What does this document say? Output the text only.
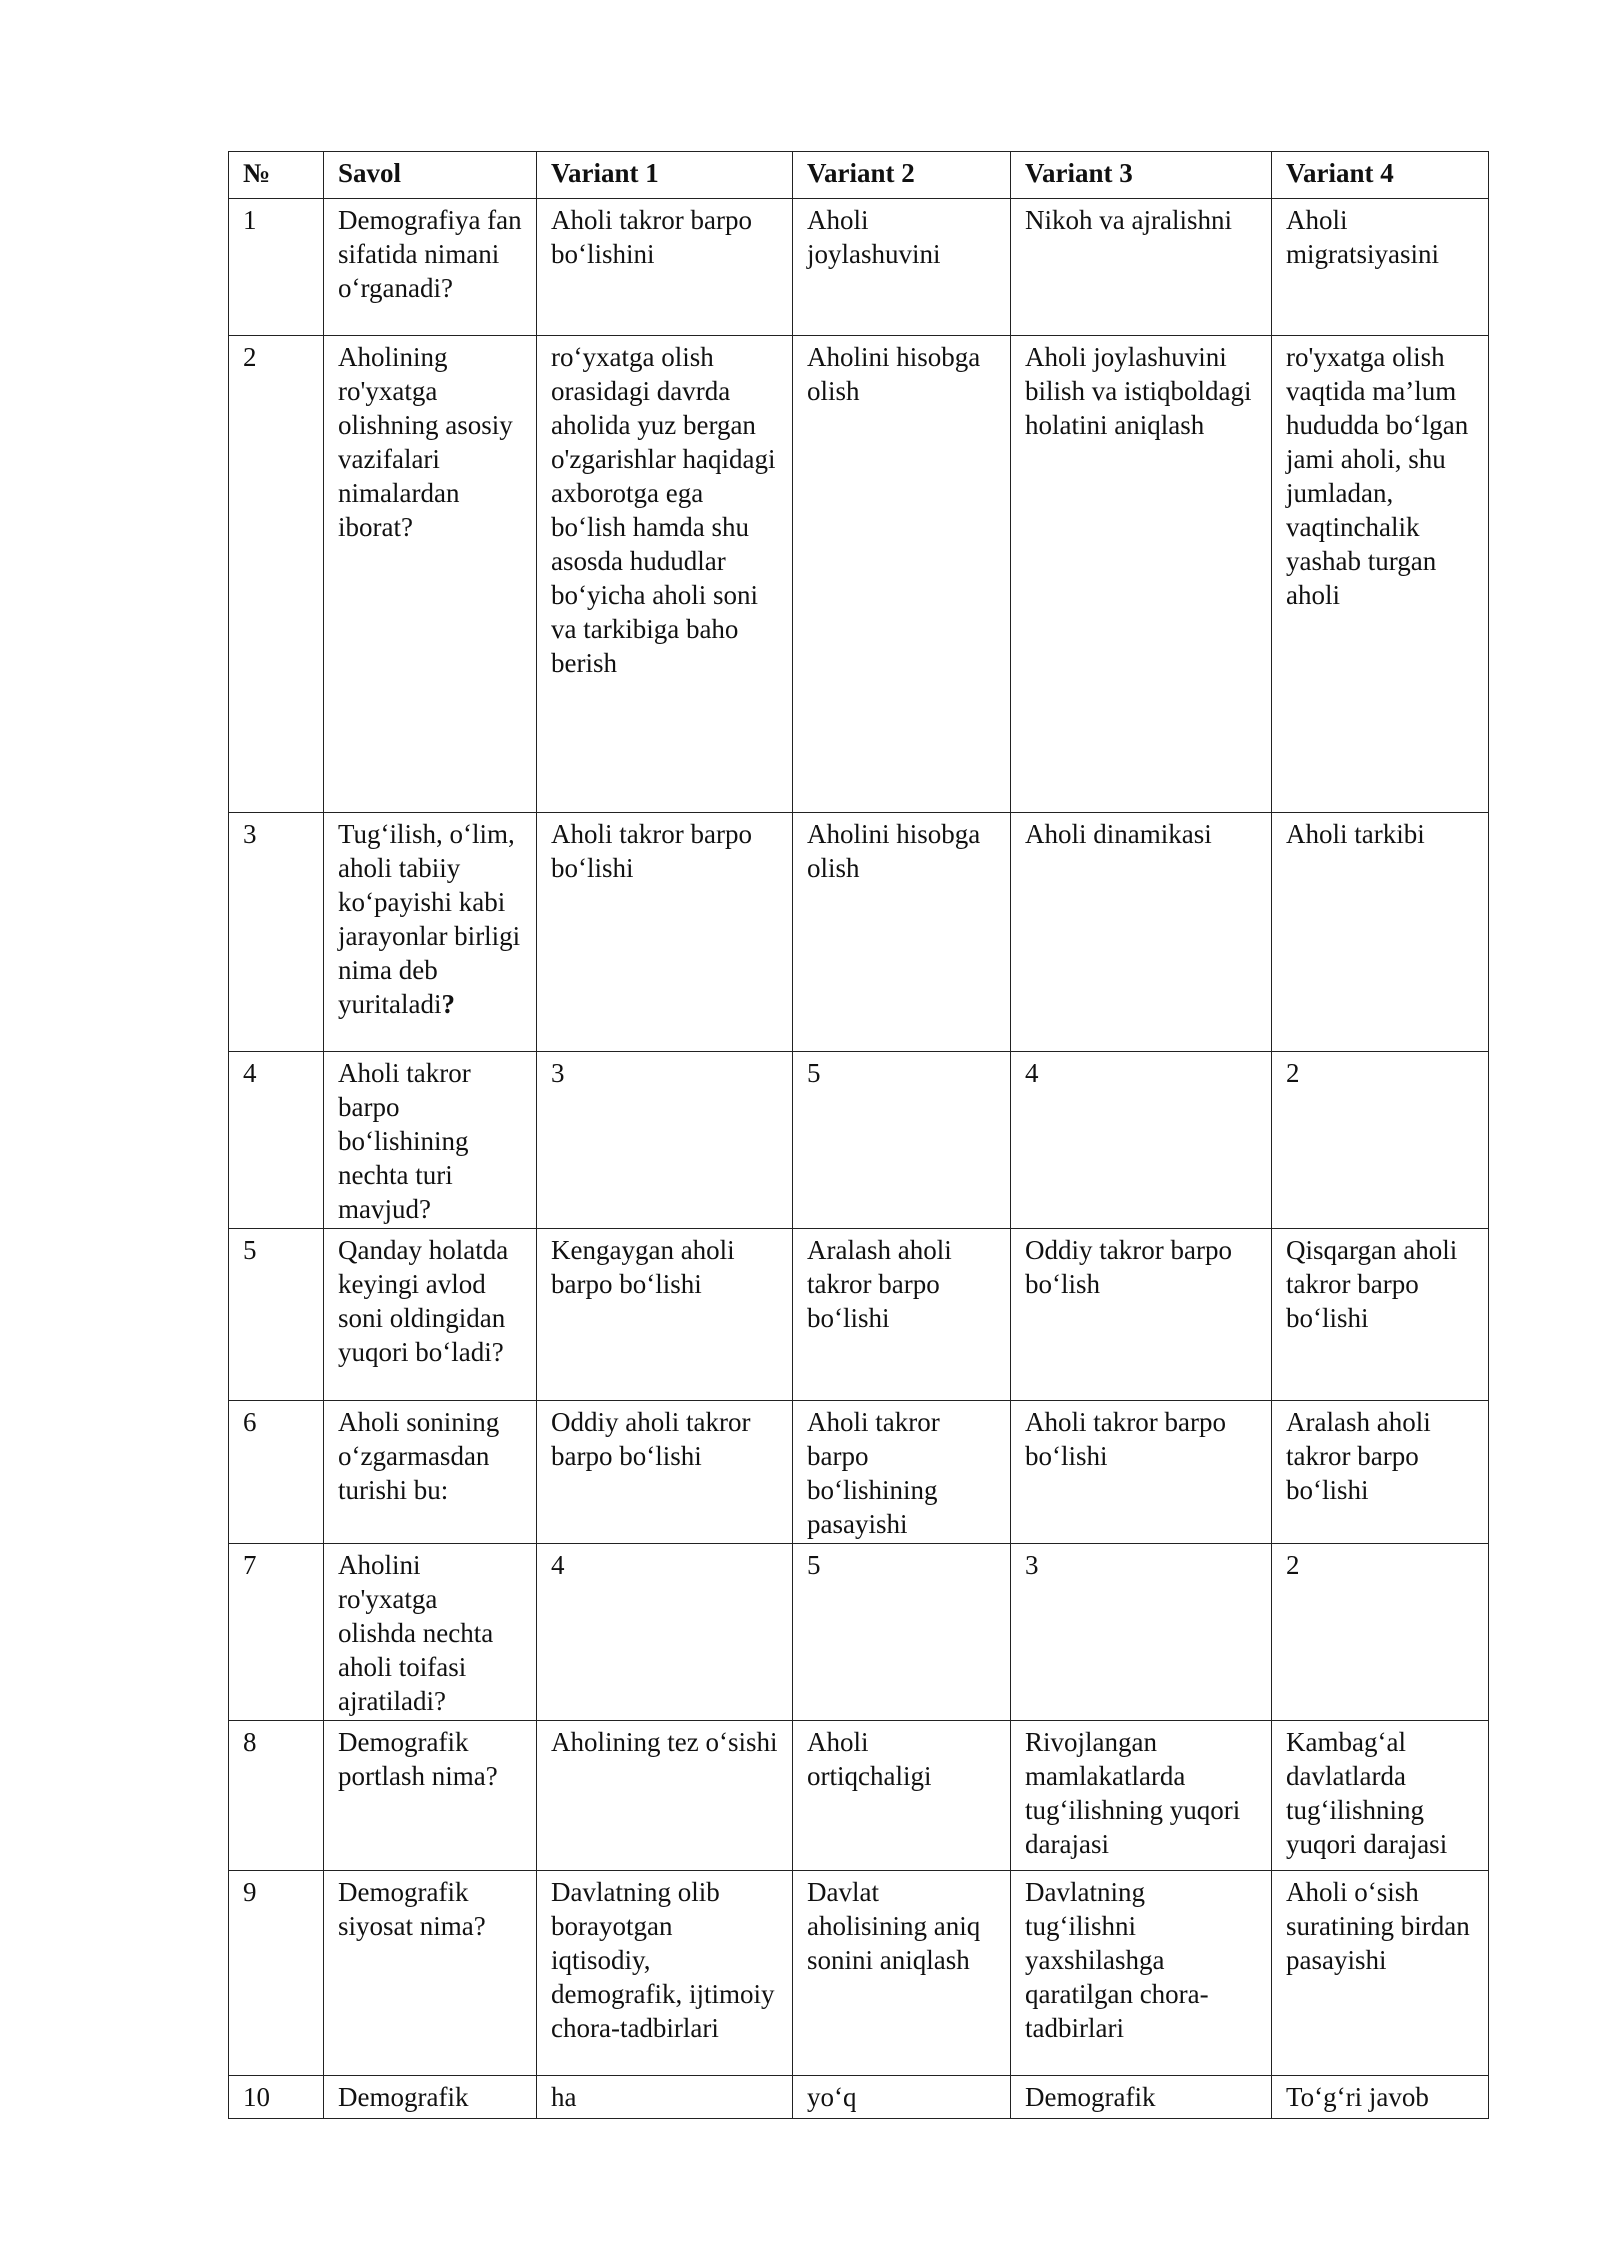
№	Savol	Variant 1	Variant 2	Variant 3	Variant 4
1	Demografiya fan sifatida nimani o‘rganadi?	Aholi takror barpo bo‘lishini	Aholi joylashuvini	Nikoh va ajralishni	Aholi migratsiyasini
2	Aholining ro'yxatga olishning asosiy vazifalari nimalardan iborat?	ro‘yxatga olish orasidagi davrda aholida yuz bergan o'zgarishlar haqidagi axborotga ega bo‘lish hamda shu asosda hududlar bo‘yicha aholi soni va tarkibiga baho berish	Aholini hisobga olish	Aholi joylashuvini bilish va istiqboldagi holatini aniqlash	ro'yxatga olish vaqtida ma’lum hududda bo‘lgan jami aholi, shu jumladan, vaqtinchalik yashab turgan aholi
3	Tug‘ilish, o‘lim, aholi tabiiy ko‘payishi kabi jarayonlar birligi nima deb yuritaladi?	Aholi takror barpo bo‘lishi	Aholini hisobga olish	Aholi dinamikasi	Aholi tarkibi
4	Aholi takror barpo bo‘lishining nechta turi mavjud?	3	5	4	2
5	Qanday holatda keyingi avlod soni oldingidan yuqori bo‘ladi?	Kengaygan aholi barpo bo‘lishi	Aralash aholi takror barpo bo‘lishi	Oddiy takror barpo bo‘lish	Qisqargan aholi takror barpo bo‘lishi
6	Aholi sonining o‘zgarmasdan turishi bu:	Oddiy aholi takror barpo bo‘lishi	Aholi takror barpo bo‘lishining pasayishi	Aholi takror barpo bo‘lishi	Aralash aholi takror barpo bo‘lishi
7	Aholini ro'yxatga olishda nechta aholi toifasi ajratiladi?	4	5	3	2
8	Demografik portlash nima?	Aholining tez o‘sishi	Aholi ortiqchaligi	Rivojlangan mamlakatlarda tug‘ilishning yuqori darajasi	Kambag‘al davlatlarda tug‘ilishning yuqori darajasi
9	Demografik siyosat nima?	Davlatning olib borayotgan iqtisodiy, demografik, ijtimoiy chora-tadbirlari	Davlat aholisining aniq sonini aniqlash	Davlatning tug‘ilishni yaxshilashga qaratilgan chora-tadbirlari	Aholi o‘sish suratining birdan pasayishi
10	Demografik	ha	yo‘q	Demografik	To‘g‘ri javob
